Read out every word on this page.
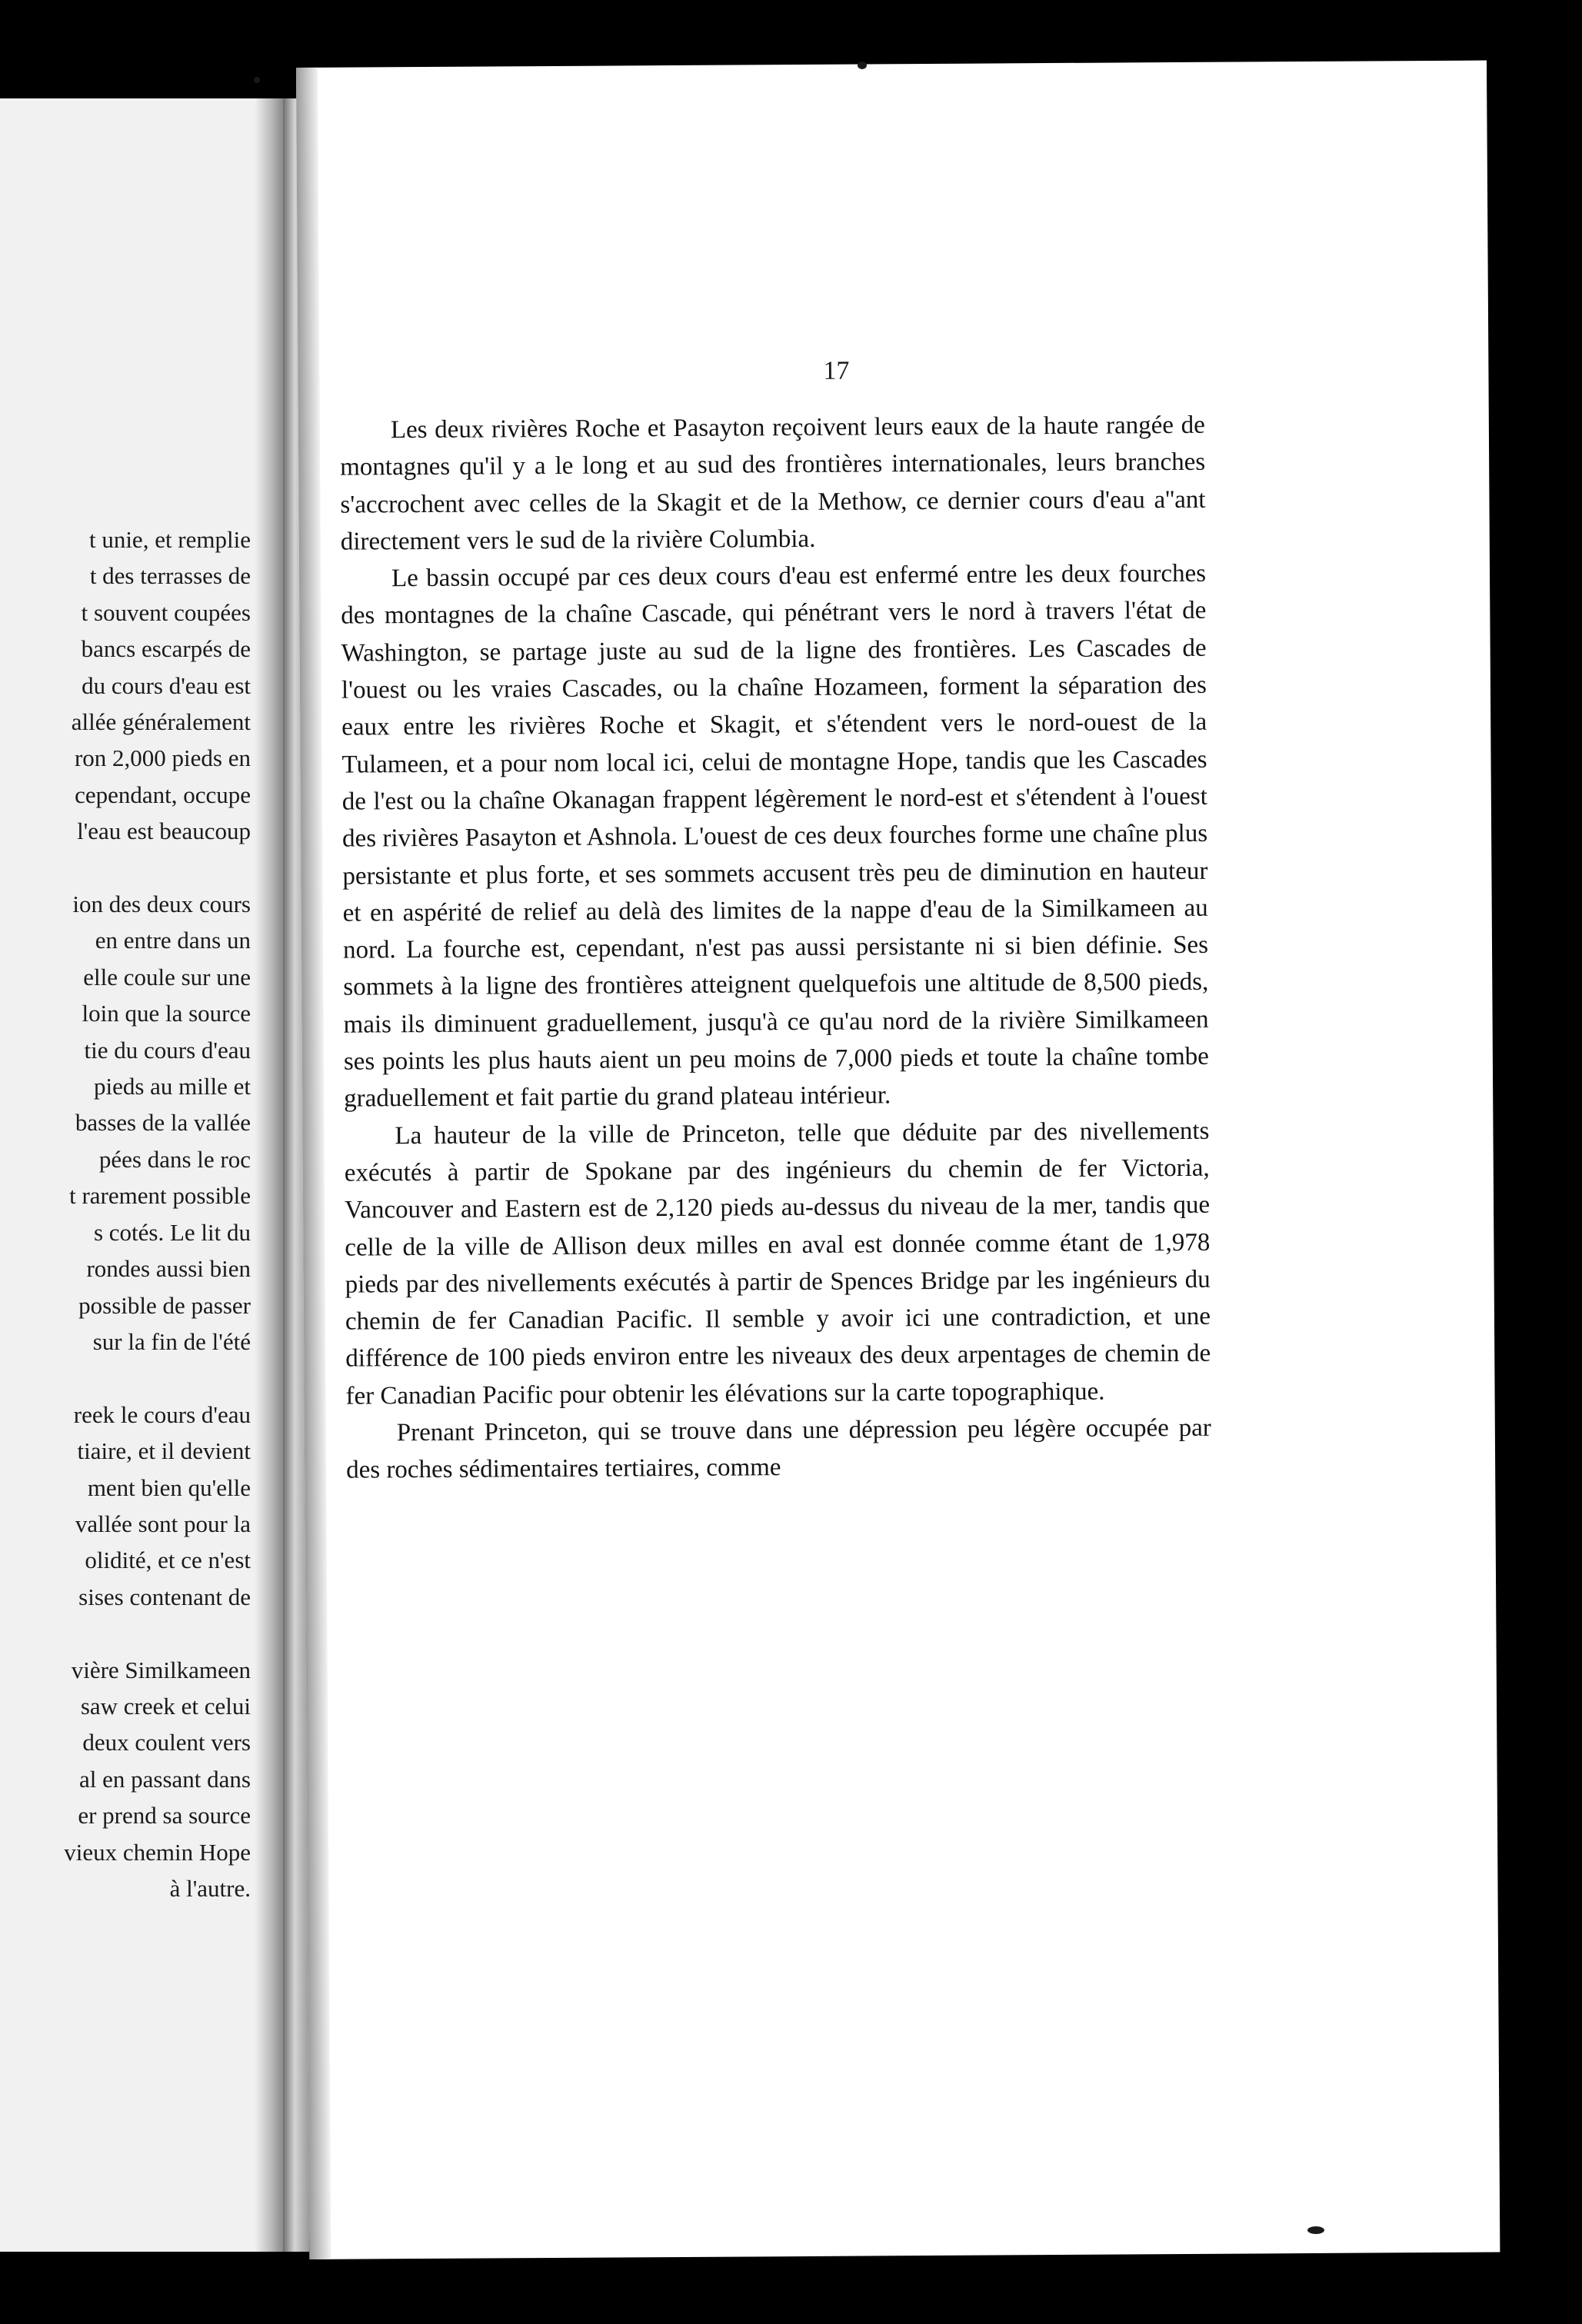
t unie, et remplie
t des terrasses de
t souvent coupées
bancs escarpés de
du cours d'eau est
allée généralement
ron 2,000 pieds en
cependant, occupe
l'eau est beaucoup
ion des deux cours
en entre dans un
elle coule sur une
loin que la source
tie du cours d'eau
pieds au mille et
basses de la vallée
pées dans le roc
t rarement possible
s cotés. Le lit du
rondes aussi bien
possible de passer
sur la fin de l'été
reek le cours d'eau
tiaire, et il devient
ment bien qu'elle
vallée sont pour la
olidité, et ce n'est
sises contenant de
vière Similkameen
saw creek et celui
deux coulent vers
al en passant dans
er prend sa source
vieux chemin Hope
à l'autre.
17

Les deux rivières Roche et Pasayton reçoivent leurs eaux de la haute rangée de montagnes qu'il y a le long et au sud des frontières internationales, leurs branches s'accrochent avec celles de la Skagit et de la Methow, ce dernier cours d'eau a''ant directement vers le sud de la rivière Columbia.

Le bassin occupé par ces deux cours d'eau est enfermé entre les deux fourches des montagnes de la chaîne Cascade, qui pénétrant vers le nord à travers l'état de Washington, se partage juste au sud de la ligne des frontières. Les Cascades de l'ouest ou les vraies Cascades, ou la chaîne Hozameen, forment la séparation des eaux entre les rivières Roche et Skagit, et s'étendent vers le nord-ouest de la Tulameen, et a pour nom local ici, celui de montagne Hope, tandis que les Cascades de l'est ou la chaîne Okanagan frappent légèrement le nord-est et s'étendent à l'ouest des rivières Pasayton et Ashnola. L'ouest de ces deux fourches forme une chaîne plus persistante et plus forte, et ses sommets accusent très peu de diminution en hauteur et en aspérité de relief au delà des limites de la nappe d'eau de la Similkameen au nord. La fourche est, cependant, n'est pas aussi persistante ni si bien définie. Ses sommets à la ligne des frontières atteignent quelquefois une altitude de 8,500 pieds, mais ils diminuent graduellement, jusqu'à ce qu'au nord de la rivière Similkameen ses points les plus hauts aient un peu moins de 7,000 pieds et toute la chaîne tombe graduellement et fait partie du grand plateau intérieur.

La hauteur de la ville de Princeton, telle que déduite par des nivellements exécutés à partir de Spokane par des ingénieurs du chemin de fer Victoria, Vancouver and Eastern est de 2,120 pieds au-dessus du niveau de la mer, tandis que celle de la ville de Allison deux milles en aval est donnée comme étant de 1,978 pieds par des nivellements exécutés à partir de Spences Bridge par les ingénieurs du chemin de fer Canadian Pacific. Il semble y avoir ici une contradiction, et une différence de 100 pieds environ entre les niveaux des deux arpentages de chemin de fer Canadian Pacific pour obtenir les élévations sur la carte topographique.

Prenant Princeton, qui se trouve dans une dépression peu légère occupée par des roches sédimentaires tertiaires, comme
